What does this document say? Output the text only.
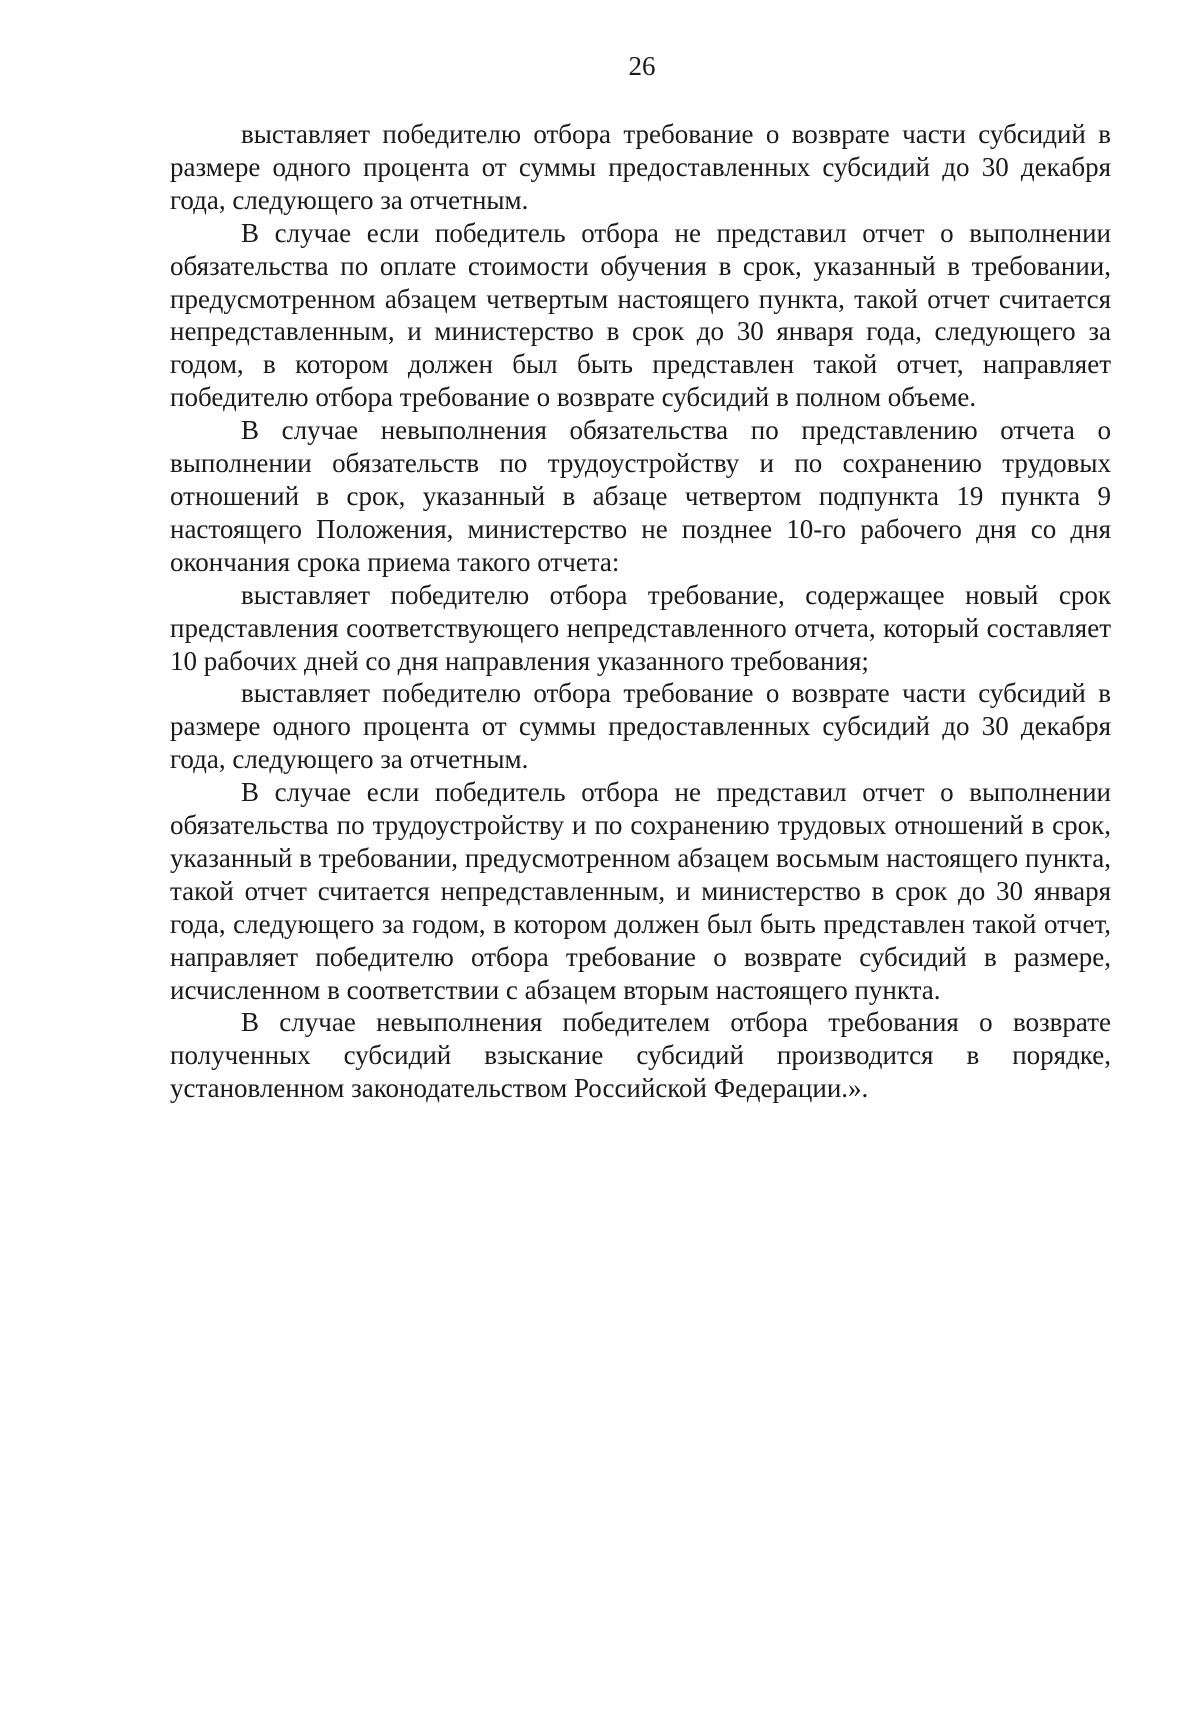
26

выставляет победителю отбора требование о возврате части субсидий в размере одного процента от суммы предоставленных субсидий до 30 декабря года, следующего за отчетным.

В случае если победитель отбора не представил отчет о выполнении обязательства по оплате стоимости обучения в срок, указанный в требовании, предусмотренном абзацем четвертым настоящего пункта, такой отчет считается непредставленным, и министерство в срок до 30 января года, следующего за годом, в котором должен был быть представлен такой отчет, направляет победителю отбора требование о возврате субсидий в полном объеме.

В случае невыполнения обязательства по представлению отчета о выполнении обязательств по трудоустройству и по сохранению трудовых отношений в срок, указанный в абзаце четвертом подпункта 19 пункта 9 настоящего Положения, министерство не позднее 10-го рабочего дня со дня окончания срока приема такого отчета:

выставляет победителю отбора требование, содержащее новый срок представления соответствующего непредставленного отчета, который составляет 10 рабочих дней со дня направления указанного требования;

выставляет победителю отбора требование о возврате части субсидий в размере одного процента от суммы предоставленных субсидий до 30 декабря года, следующего за отчетным.

В случае если победитель отбора не представил отчет о выполнении обязательства по трудоустройству и по сохранению трудовых отношений в срок, указанный в требовании, предусмотренном абзацем восьмым настоящего пункта, такой отчет считается непредставленным, и министерство в срок до 30 января года, следующего за годом, в котором должен был быть представлен такой отчет, направляет победителю отбора требование о возврате субсидий в размере, исчисленном в соответствии с абзацем вторым настоящего пункта.

В случае невыполнения победителем отбора требования о возврате полученных субсидий взыскание субсидий производится в порядке, установленном законодательством Российской Федерации.».
